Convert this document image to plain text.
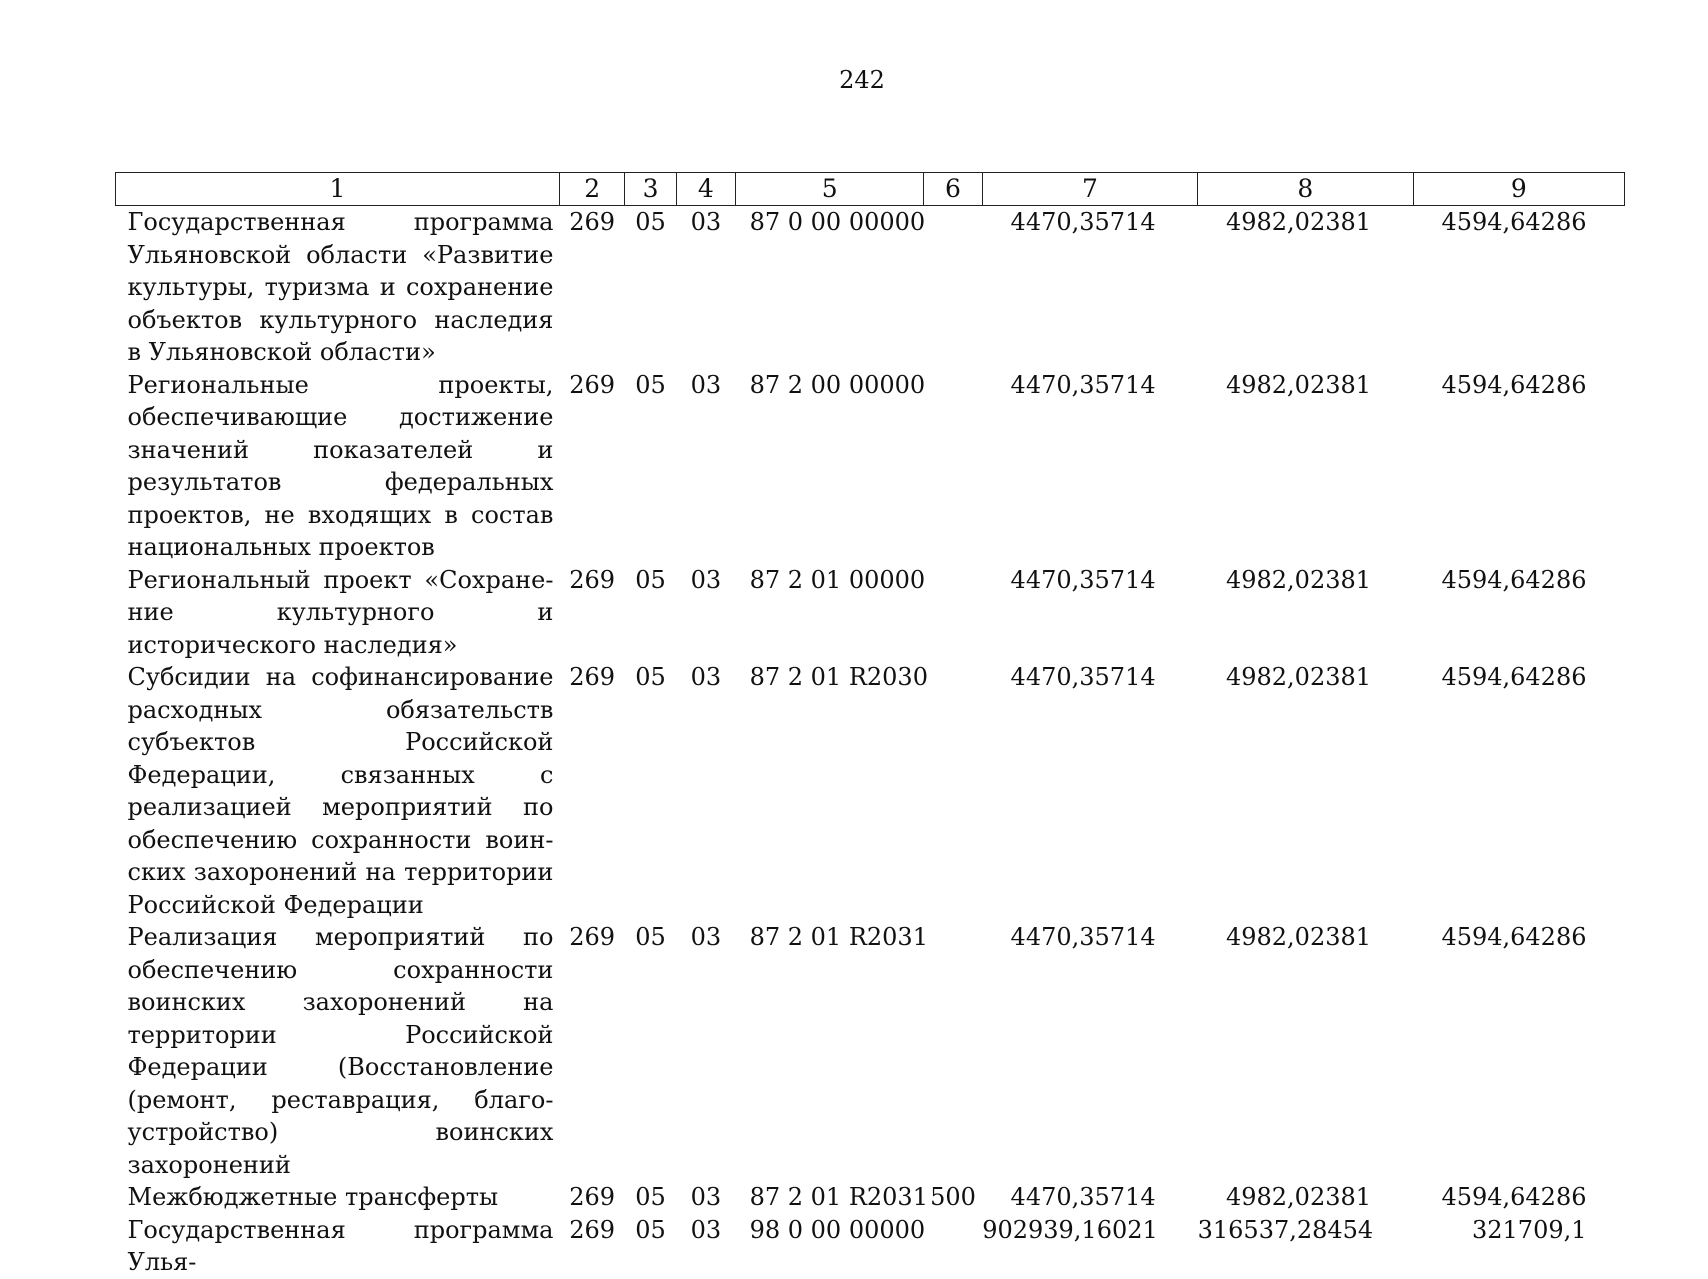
242
1	2	3	4	5	6	7	8	9
Государственная программа Ульяновской области «Развитие культуры, туризма и сохранение объектов культурного наследия в Ульяновской области»	269	05	03	87 0 00 00000		4470,35714	4982,02381	4594,64286
Региональные проекты, обеспечивающие достижение значений показателей и результатов федеральных проектов, не входящих в состав национальных проектов	269	05	03	87 2 00 00000		4470,35714	4982,02381	4594,64286
Региональный проект «Сохранение культурного и исторического наследия»	269	05	03	87 2 01 00000		4470,35714	4982,02381	4594,64286
Субсидии на софинансирование расходных обязательств субъектов Российской Федерации, связанных с реализацией мероприятий по обеспечению сохранности воинских захоронений на территории Российской Федерации	269	05	03	87 2 01 R2030		4470,35714	4982,02381	4594,64286
Реализация мероприятий по обеспечению сохранности воинских захоронений на территории Российской Федерации (Восстановление (ремонт, реставрация, благоустройство) воинских захоронений	269	05	03	87 2 01 R2031		4470,35714	4982,02381	4594,64286
Межбюджетные трансферты	269	05	03	87 2 01 R2031	500	4470,35714	4982,02381	4594,64286
Государственная программа Улья-	269	05	03	98 0 00 00000		902939,16021	316537,28454	321709,1
